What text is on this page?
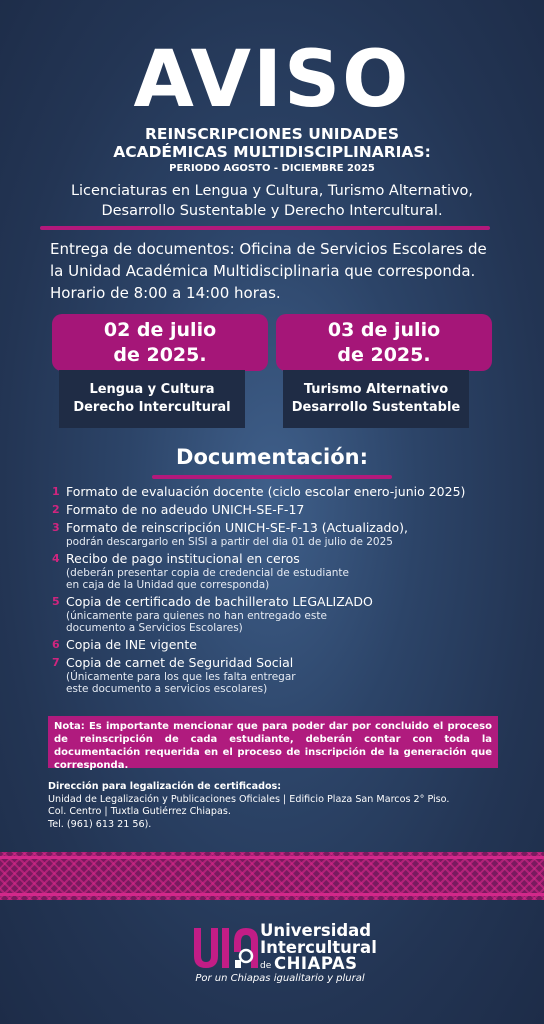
AVISO
REINSCRIPCIONES UNIDADES
ACADÉMICAS MULTIDISCIPLINARIAS:
PERIODO AGOSTO - DICIEMBRE 2025
Licenciaturas en Lengua y Cultura, Turismo Alternativo,
Desarrollo Sustentable y Derecho Intercultural.
Entrega de documentos: Oficina de Servicios Escolares de
la Unidad Académica Multidisciplinaria que corresponda.
Horario de 8:00 a 14:00 horas.
02 de julio
de 2025.
Lengua y Cultura
Derecho Intercultural
03 de julio
de 2025.
Turismo Alternativo
Desarrollo Sustentable
Documentación:
1 Formato de evaluación docente (ciclo escolar enero-junio 2025)
2 Formato de no adeudo UNICH-SE-F-17
3 Formato de reinscripción UNICH-SE-F-13 (Actualizado),
podrán descargarlo en SISI a partir del dia 01 de julio de 2025
4 Recibo de pago institucional en ceros
(deberán presentar copia de credencial de estudiante
en caja de la Unidad que corresponda)
5 Copia de certificado de bachillerato LEGALIZADO
(únicamente para quienes no han entregado este
documento a Servicios Escolares)
6 Copia de INE vigente
7 Copia de carnet de Seguridad Social
(Únicamente para los que les falta entregar
este documento a servicios escolares)
Nota: Es importante mencionar que para poder dar por concluido el proceso de reinscripción de cada estudiante, deberán contar con toda la documentación requerida en el proceso de inscripción de la generación que corresponda.
Dirección para legalización de certificados:
Unidad de Legalización y Publicaciones Oficiales | Edificio Plaza San Marcos 2° Piso.
Col. Centro | Tuxtla Gutiérrez Chiapas.
Tel. (961) 613 21 56).
Universidad
Intercultural
de CHIAPAS
Por un Chiapas igualitario y plural
